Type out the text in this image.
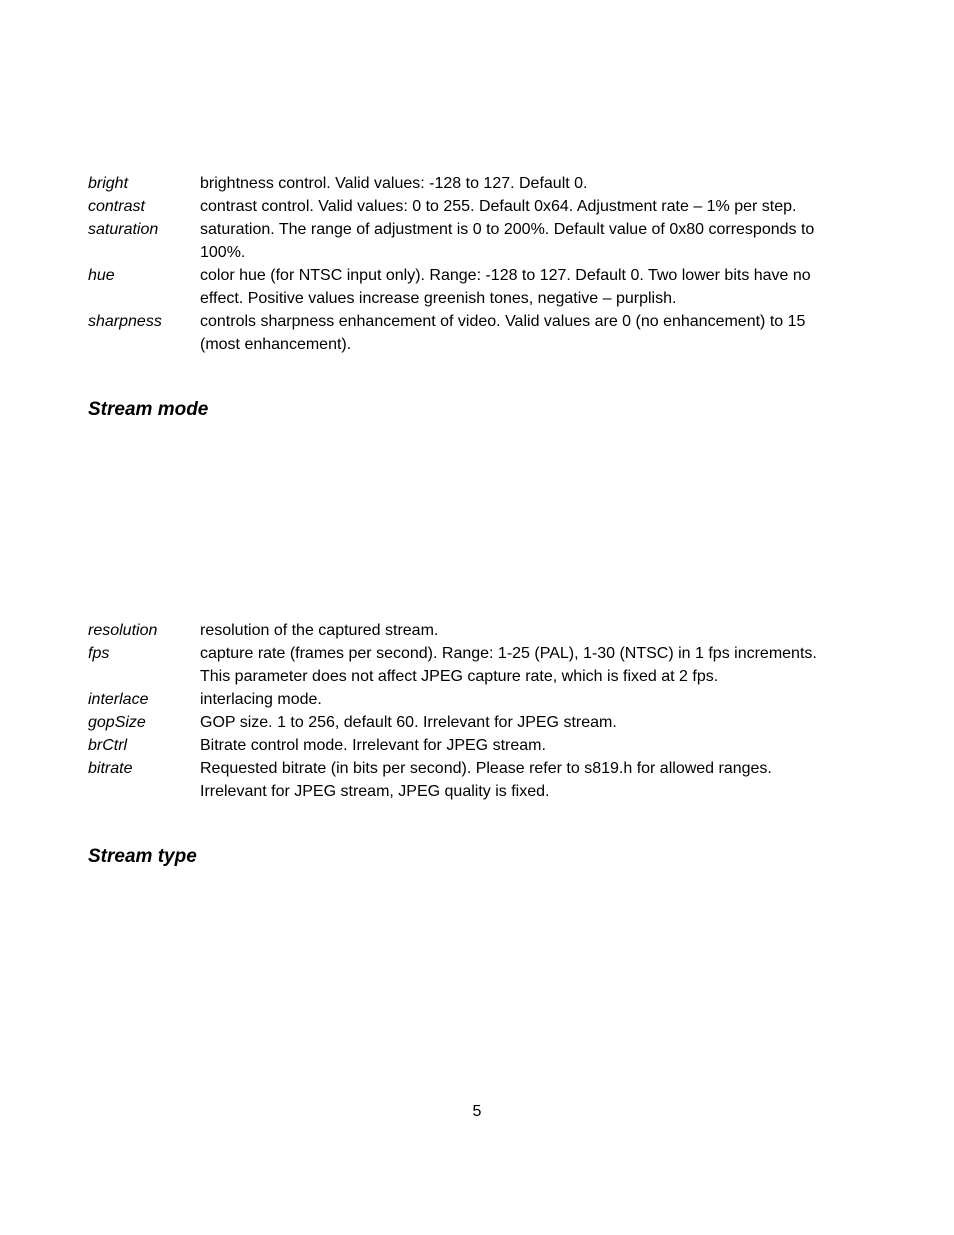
bright	brightness control. Valid values: -128 to 127. Default 0.
contrast	contrast control. Valid values: 0 to 255. Default 0x64. Adjustment rate – 1% per step.
saturation	saturation. The range of adjustment is 0 to 200%. Default value of 0x80 corresponds to
100%.
hue	color hue (for NTSC input only). Range: -128 to 127. Default 0. Two lower bits have no
effect. Positive values increase greenish tones, negative – purplish.
sharpness	controls sharpness enhancement of video. Valid values are 0 (no enhancement) to 15
(most enhancement).
Stream mode
resolution	resolution of the captured stream.
fps	capture rate (frames per second). Range: 1-25 (PAL), 1-30 (NTSC) in 1 fps increments.
This parameter does not affect JPEG capture rate, which is fixed at 2 fps.
interlace	interlacing mode.
gopSize	GOP size. 1 to 256, default 60. Irrelevant for JPEG stream.
brCtrl	Bitrate control mode. Irrelevant for JPEG stream.
bitrate	Requested bitrate (in bits per second). Please refer to s819.h for allowed ranges.
Irrelevant for JPEG stream, JPEG quality is fixed.
Stream type
5
